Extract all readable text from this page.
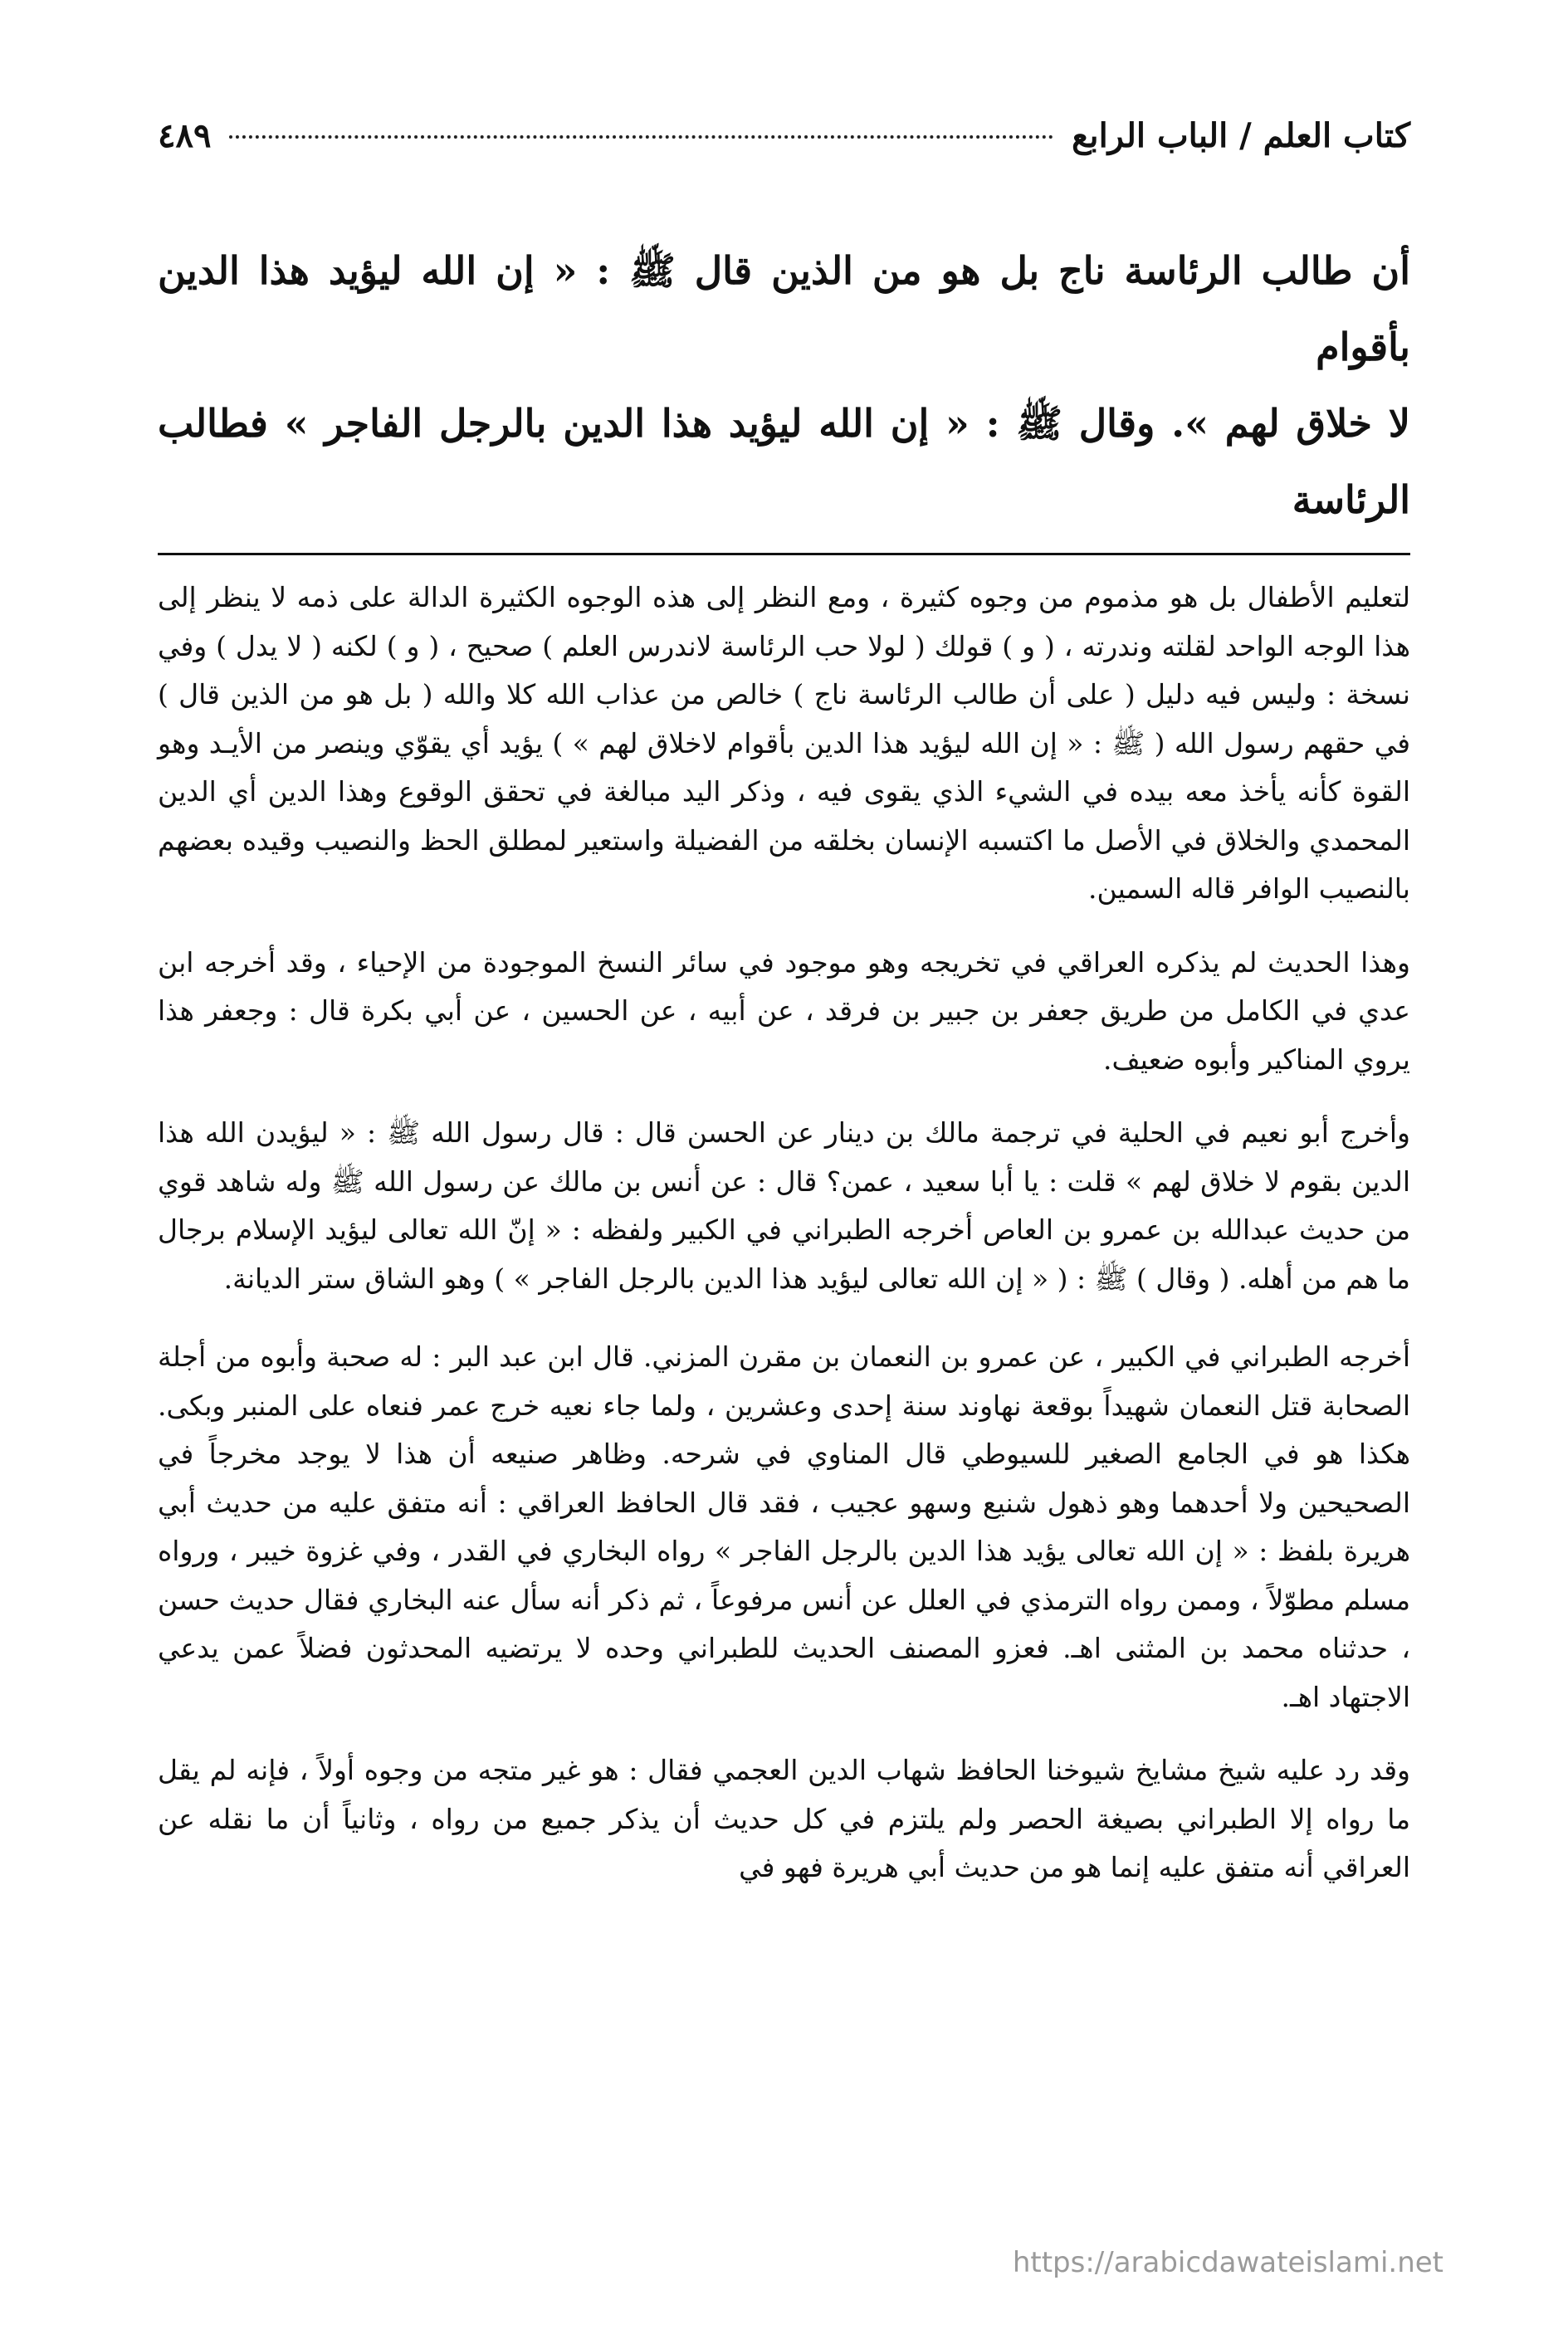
كتاب العلم / الباب الرابع
٤٨٩

أن طالب الرئاسة ناج بل هو من الذين قال ﷺ : « إن الله ليؤيد هذا الدين بأقوام

لا خلاق لهم ». وقال ﷺ : « إن الله ليؤيد هذا الدين بالرجل الفاجر » فطالب الرئاسة

لتعليم الأطفال بل هو مذموم من وجوه كثيرة ، ومع النظر إلى هذه الوجوه الكثيرة الدالة على ذمه لا ينظر إلى هذا الوجه الواحد لقلته وندرته ، ( و ) قولك ( لولا حب الرئاسة لاندرس العلم ) صحيح ، ( و ) لكنه ( لا يدل ) وفي نسخة : وليس فيه دليل ( على أن طالب الرئاسة ناج ) خالص من عذاب الله كلا والله ( بل هو من الذين قال ) في حقهم رسول الله ( ﷺ : « إن الله ليؤيد هذا الدين بأقوام لاخلاق لهم » ) يؤيد أي يقوّي وينصر من الأيـد وهو القوة كأنه يأخذ معه بيده في الشيء الذي يقوى فيه ، وذكر اليد مبالغة في تحقق الوقوع وهذا الدين أي الدين المحمدي والخلاق في الأصل ما اكتسبه الإنسان بخلقه من الفضيلة واستعير لمطلق الحظ والنصيب وقيده بعضهم بالنصيب الوافر قاله السمين.

وهذا الحديث لم يذكره العراقي في تخريجه وهو موجود في سائر النسخ الموجودة من الإحياء ، وقد أخرجه ابن عدي في الكامل من طريق جعفر بن جبير بن فرقد ، عن أبيه ، عن الحسين ، عن أبي بكرة قال : وجعفر هذا يروي المناكير وأبوه ضعيف.

وأخرج أبو نعيم في الحلية في ترجمة مالك بن دينار عن الحسن قال : قال رسول الله ﷺ : « ليؤيدن الله هذا الدين بقوم لا خلاق لهم » قلت : يا أبا سعيد ، عمن؟ قال : عن أنس بن مالك عن رسول الله ﷺ وله شاهد قوي من حديث عبدالله بن عمرو بن العاص أخرجه الطبراني في الكبير ولفظه : « إنّ الله تعالى ليؤيد الإسلام برجال ما هم من أهله. ( وقال ) ﷺ : ( « إن الله تعالى ليؤيد هذا الدين بالرجل الفاجر » ) وهو الشاق ستر الديانة.

أخرجه الطبراني في الكبير ، عن عمرو بن النعمان بن مقرن المزني. قال ابن عبد البر : له صحبة وأبوه من أجلة الصحابة قتل النعمان شهيداً بوقعة نهاوند سنة إحدى وعشرين ، ولما جاء نعيه خرج عمر فنعاه على المنبر وبكى. هكذا هو في الجامع الصغير للسيوطي قال المناوي في شرحه. وظاهر صنيعه أن هذا لا يوجد مخرجاً في الصحيحين ولا أحدهما وهو ذهول شنيع وسهو عجيب ، فقد قال الحافظ العراقي : أنه متفق عليه من حديث أبي هريرة بلفظ : « إن الله تعالى يؤيد هذا الدين بالرجل الفاجر » رواه البخاري في القدر ، وفي غزوة خيبر ، ورواه مسلم مطوّلاً ، وممن رواه الترمذي في العلل عن أنس مرفوعاً ، ثم ذكر أنه سأل عنه البخاري فقال حديث حسن ، حدثناه محمد بن المثنى اهـ. فعزو المصنف الحديث للطبراني وحده لا يرتضيه المحدثون فضلاً عمن يدعي الاجتهاد اهـ.

وقد رد عليه شيخ مشايخ شيوخنا الحافظ شهاب الدين العجمي فقال : هو غير متجه من وجوه أولاً ، فإنه لم يقل ما رواه إلا الطبراني بصيغة الحصر ولم يلتزم في كل حديث أن يذكر جميع من رواه ، وثانياً أن ما نقله عن العراقي أنه متفق عليه إنما هو من حديث أبي هريرة فهو في

https://arabicdawateislami.net
